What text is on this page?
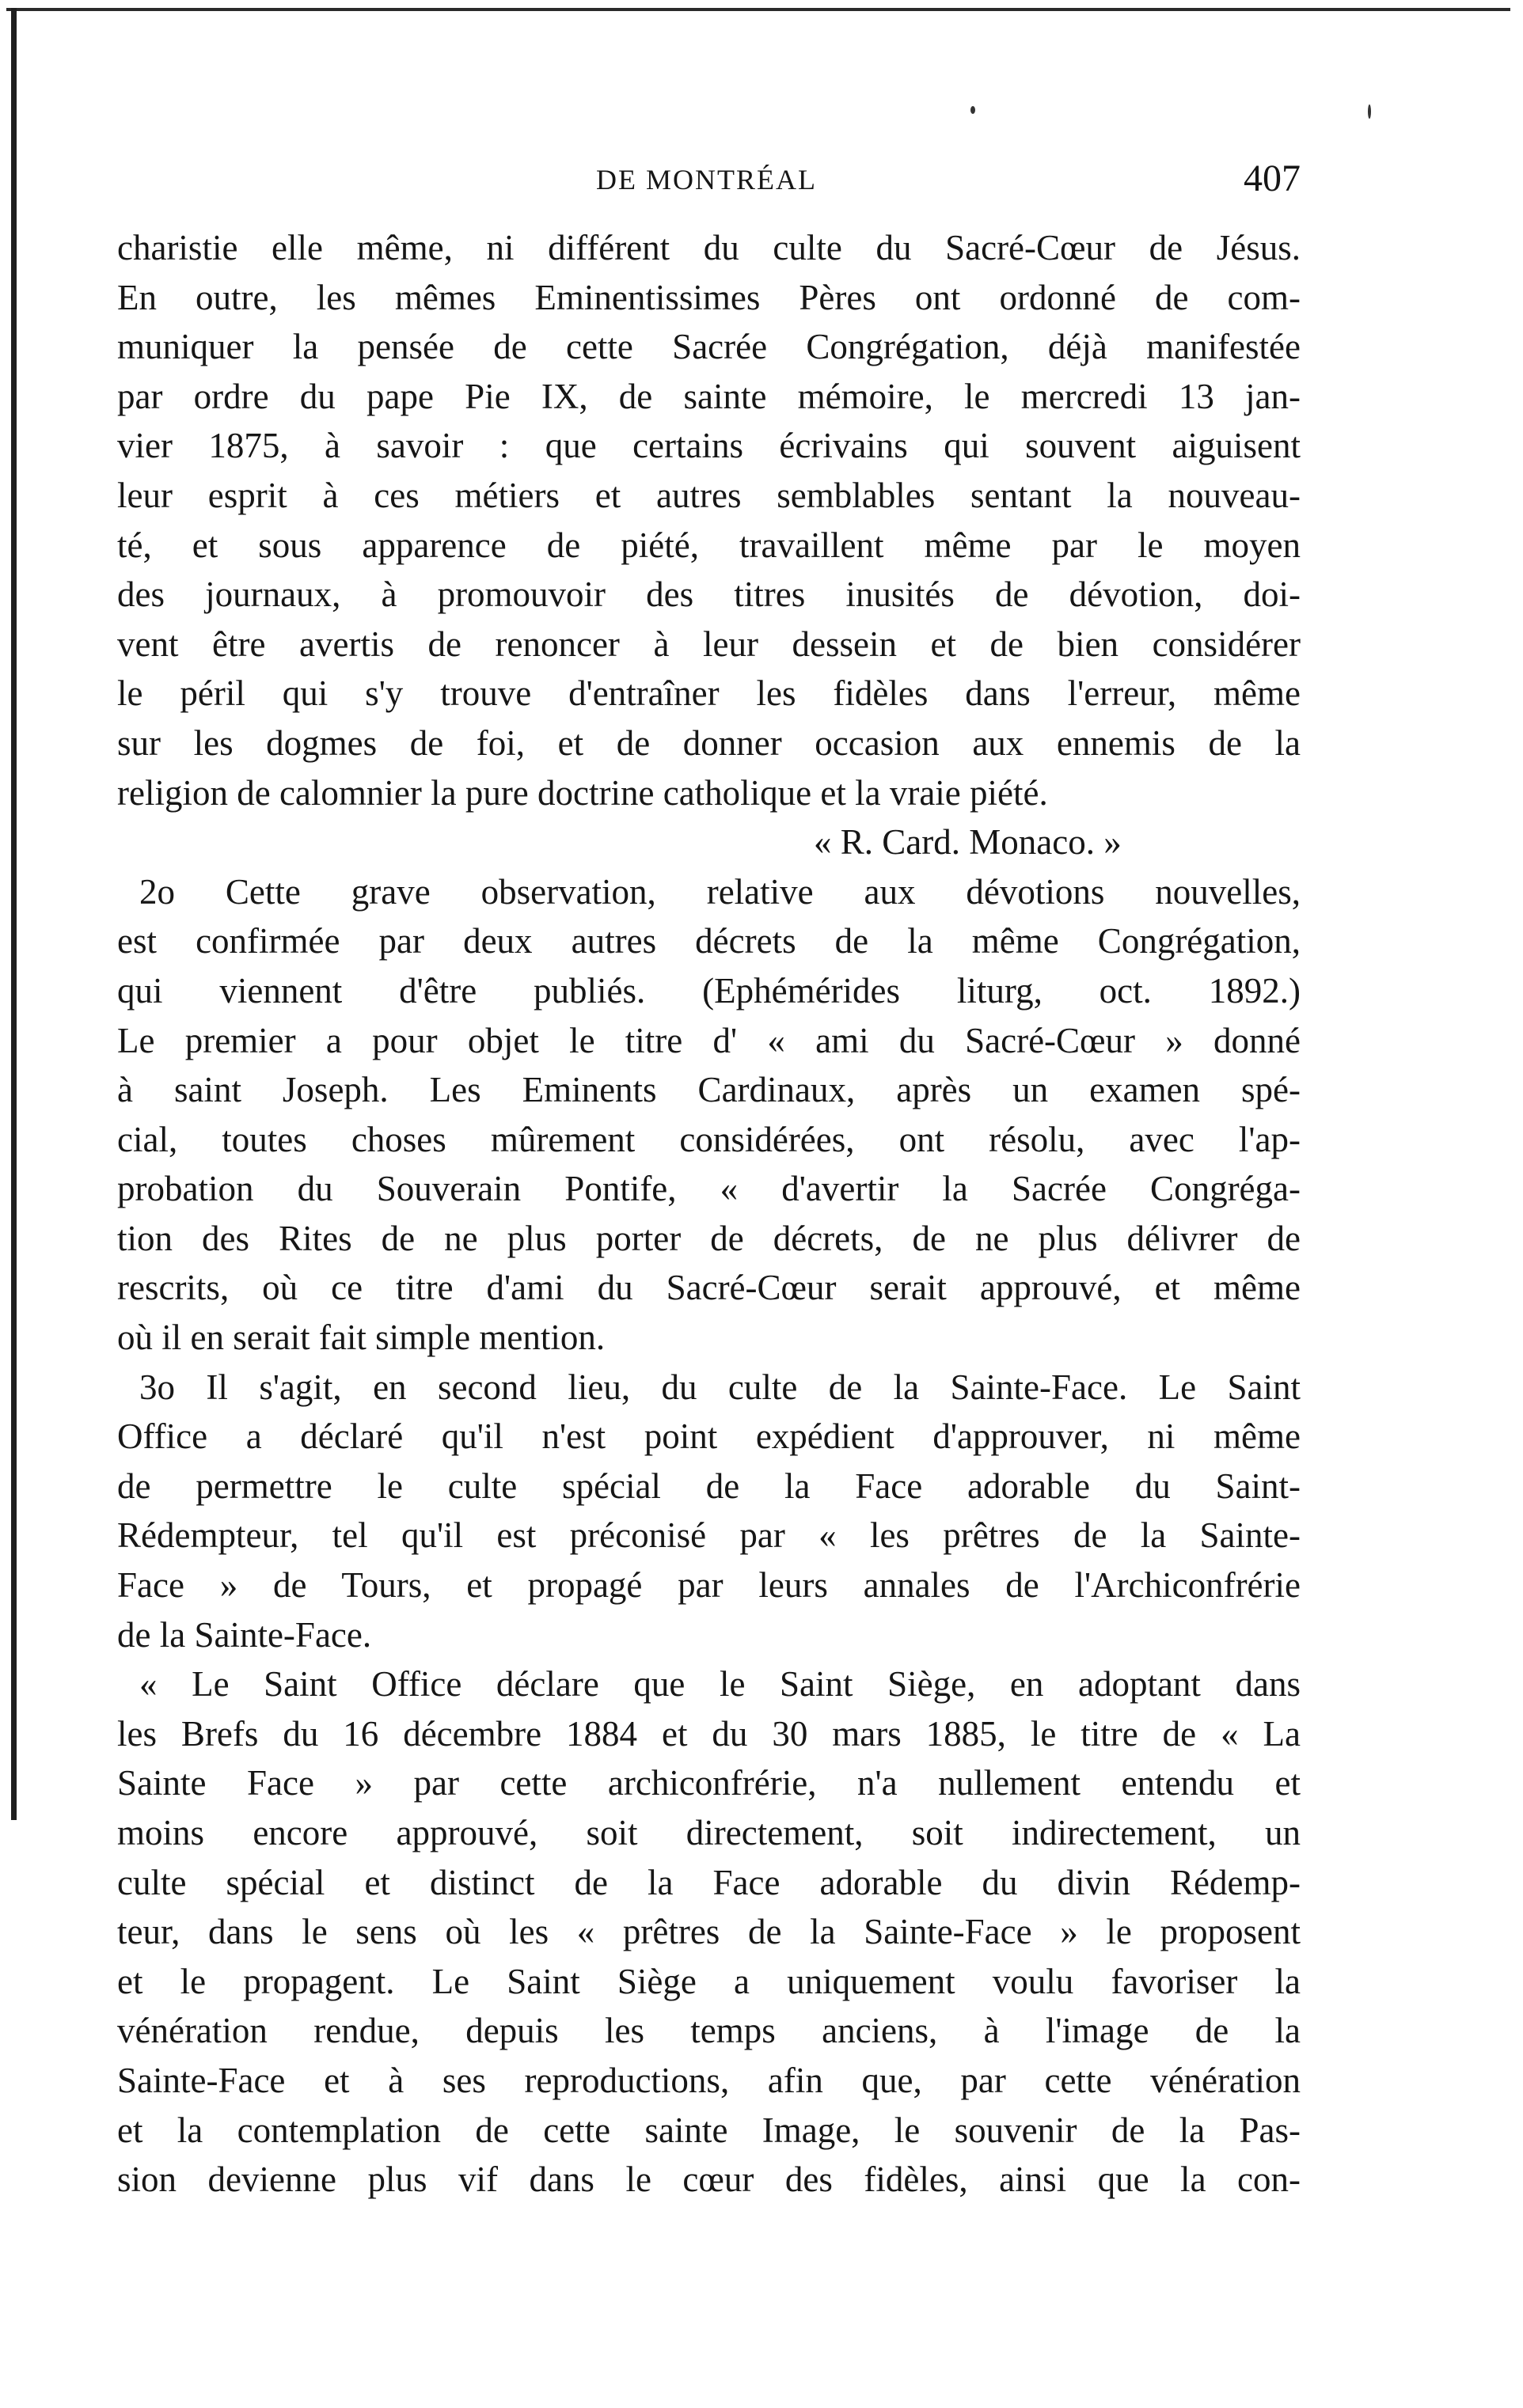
DE MONTRÉAL	407
charistie elle même, ni différent du culte du Sacré-Cœur de Jésus.
En outre, les mêmes Eminentissimes Pères ont ordonné de com-
muniquer la pensée de cette Sacrée Congrégation, déjà manifestée
par ordre du pape Pie IX, de sainte mémoire, le mercredi 13 jan-
vier 1875, à savoir : que certains écrivains qui souvent aiguisent
leur esprit à ces métiers et autres semblables sentant la nouveau-
té, et sous apparence de piété, travaillent même par le moyen
des journaux, à promouvoir des titres inusités de dévotion, doi-
vent être avertis de renoncer à leur dessein et de bien considérer
le péril qui s'y trouve d'entraîner les fidèles dans l'erreur, même
sur les dogmes de foi, et de donner occasion aux ennemis de la
religion de calomnier la pure doctrine catholique et la vraie piété.
« R. Card. Monaco. »
2o Cette grave observation, relative aux dévotions nouvelles,
est confirmée par deux autres décrets de la même Congrégation,
qui viennent d'être publiés. (Ephémérides liturg, oct. 1892.)
Le premier a pour objet le titre d' « ami du Sacré-Cœur » donné
à saint Joseph. Les Eminents Cardinaux, après un examen spé-
cial, toutes choses mûrement considérées, ont résolu, avec l'ap-
probation du Souverain Pontife, « d'avertir la Sacrée Congréga-
tion des Rites de ne plus porter de décrets, de ne plus délivrer de
rescrits, où ce titre d'ami du Sacré-Cœur serait approuvé, et même
où il en serait fait simple mention.
3o Il s'agit, en second lieu, du culte de la Sainte-Face. Le Saint
Office a déclaré qu'il n'est point expédient d'approuver, ni même
de permettre le culte spécial de la Face adorable du Saint-
Rédempteur, tel qu'il est préconisé par « les prêtres de la Sainte-
Face » de Tours, et propagé par leurs annales de l'Archiconfrérie
de la Sainte-Face.
« Le Saint Office déclare que le Saint Siège, en adoptant dans
les Brefs du 16 décembre 1884 et du 30 mars 1885, le titre de « La
Sainte Face » par cette archiconfrérie, n'a nullement entendu et
moins encore approuvé, soit directement, soit indirectement, un
culte spécial et distinct de la Face adorable du divin Rédemp-
teur, dans le sens où les « prêtres de la Sainte-Face » le proposent
et le propagent. Le Saint Siège a uniquement voulu favoriser la
vénération rendue, depuis les temps anciens, à l'image de la
Sainte-Face et à ses reproductions, afin que, par cette vénération
et la contemplation de cette sainte Image, le souvenir de la Pas-
sion devienne plus vif dans le cœur des fidèles, ainsi que la con-
